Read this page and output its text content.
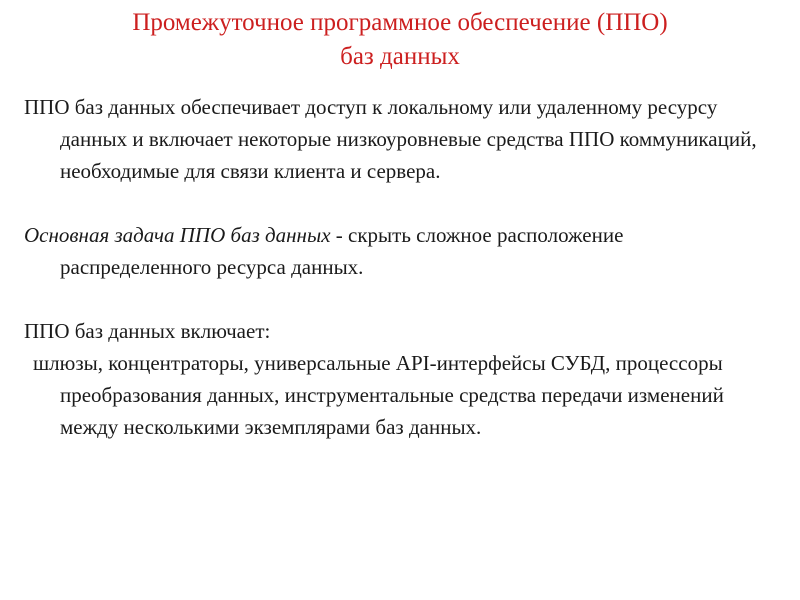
Промежуточное программное обеспечение (ППО)
баз данных

ППО баз данных обеспечивает доступ к локальному или удаленному ресурсу данных и включает некоторые низкоуровневые средства ППО коммуникаций, необходимые для связи клиента и сервера.

Основная задача ППО баз данных - скрыть сложное расположение распределенного ресурса данных.

ППО баз данных включает:

шлюзы, концентраторы, универсальные API-интерфейсы СУБД, процессоры преобразования данных, инструментальные средства передачи изменений между несколькими экземплярами баз данных.
